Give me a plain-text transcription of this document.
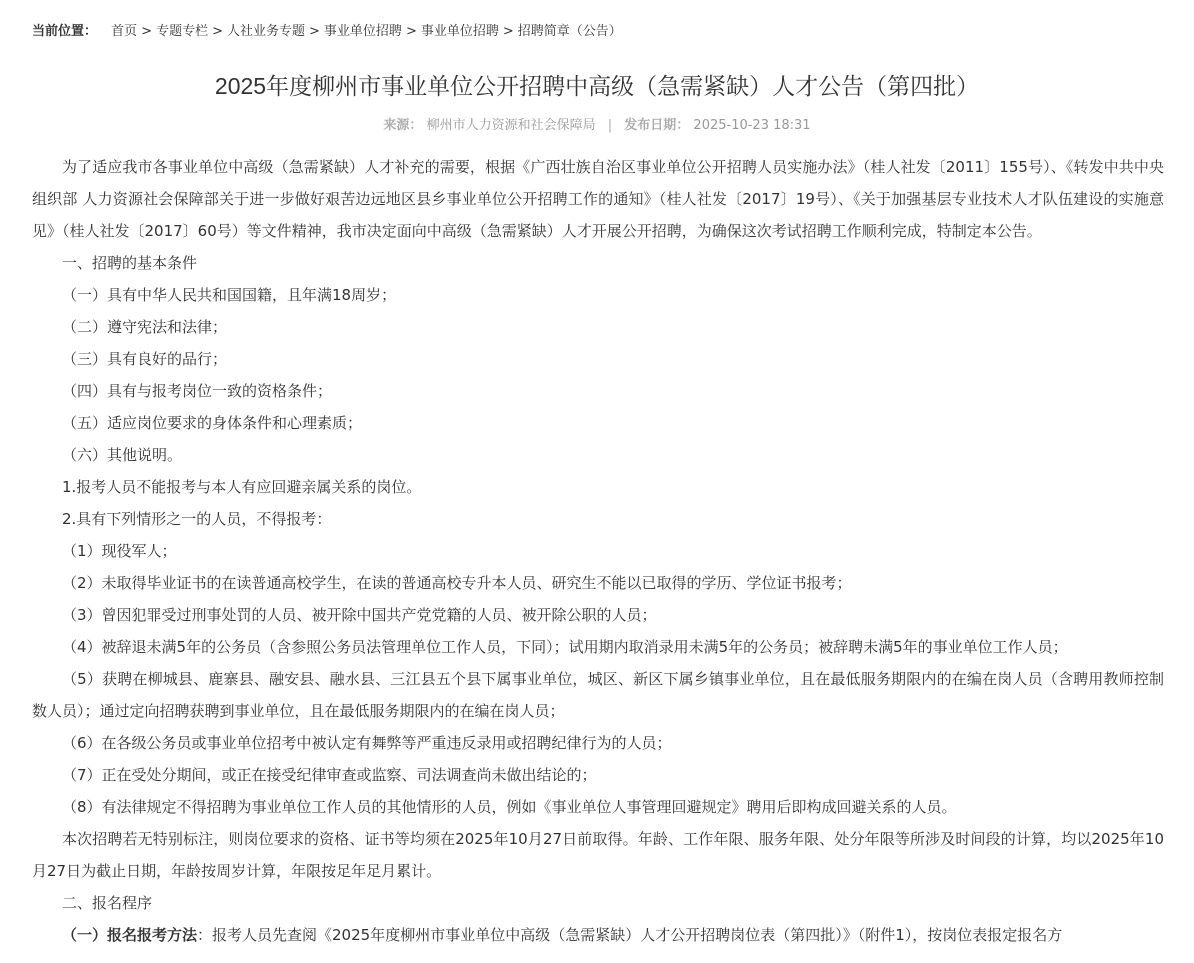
当前位置： 首页 > 专题专栏 > 人社业务专题 > 事业单位招聘 > 事业单位招聘 > 招聘简章（公告）
2025年度柳州市事业单位公开招聘中高级（急需紧缺）人才公告（第四批）
来源： 柳州市人力资源和社会保障局 | 发布日期： 2025-10-23 18:31

为了适应我市各事业单位中高级（急需紧缺）人才补充的需要，根据《广西壮族自治区事业单位公开招聘人员实施办法》（桂人社发〔2011〕155号）、《转发中共中央组织部 人力资源社会保障部关于进一步做好艰苦边远地区县乡事业单位公开招聘工作的通知》（桂人社发〔2017〕19号）、《关于加强基层专业技术人才队伍建设的实施意见》（桂人社发〔2017〕60号）等文件精神，我市决定面向中高级（急需紧缺）人才开展公开招聘，为确保这次考试招聘工作顺利完成，特制定本公告。

一、招聘的基本条件

（一）具有中华人民共和国国籍，且年满18周岁；

（二）遵守宪法和法律；

（三）具有良好的品行；

（四）具有与报考岗位一致的资格条件；

（五）适应岗位要求的身体条件和心理素质；

（六）其他说明。

1.报考人员不能报考与本人有应回避亲属关系的岗位。

2.具有下列情形之一的人员，不得报考：

（1）现役军人；

（2）未取得毕业证书的在读普通高校学生，在读的普通高校专升本人员、研究生不能以已取得的学历、学位证书报考；

（3）曾因犯罪受过刑事处罚的人员、被开除中国共产党党籍的人员、被开除公职的人员；

（4）被辞退未满5年的公务员（含参照公务员法管理单位工作人员，下同）；试用期内取消录用未满5年的公务员；被辞聘未满5年的事业单位工作人员；

（5）获聘在柳城县、鹿寨县、融安县、融水县、三江县五个县下属事业单位，城区、新区下属乡镇事业单位，且在最低服务期限内的在编在岗人员（含聘用教师控制数人员）；通过定向招聘获聘到事业单位，且在最低服务期限内的在编在岗人员；

（6）在各级公务员或事业单位招考中被认定有舞弊等严重违反录用或招聘纪律行为的人员；

（7）正在受处分期间，或正在接受纪律审查或监察、司法调查尚未做出结论的；

（8）有法律规定不得招聘为事业单位工作人员的其他情形的人员，例如《事业单位人事管理回避规定》聘用后即构成回避关系的人员。

本次招聘若无特别标注，则岗位要求的资格、证书等均须在2025年10月27日前取得。年龄、工作年限、服务年限、处分年限等所涉及时间段的计算，均以2025年10月27日为截止日期，年龄按周岁计算，年限按足年足月累计。

二、报名程序

（一）报名报考方法：报考人员先查阅《2025年度柳州市事业单位中高级（急需紧缺）人才公开招聘岗位表（第四批）》（附件1），按岗位表报定报名方
